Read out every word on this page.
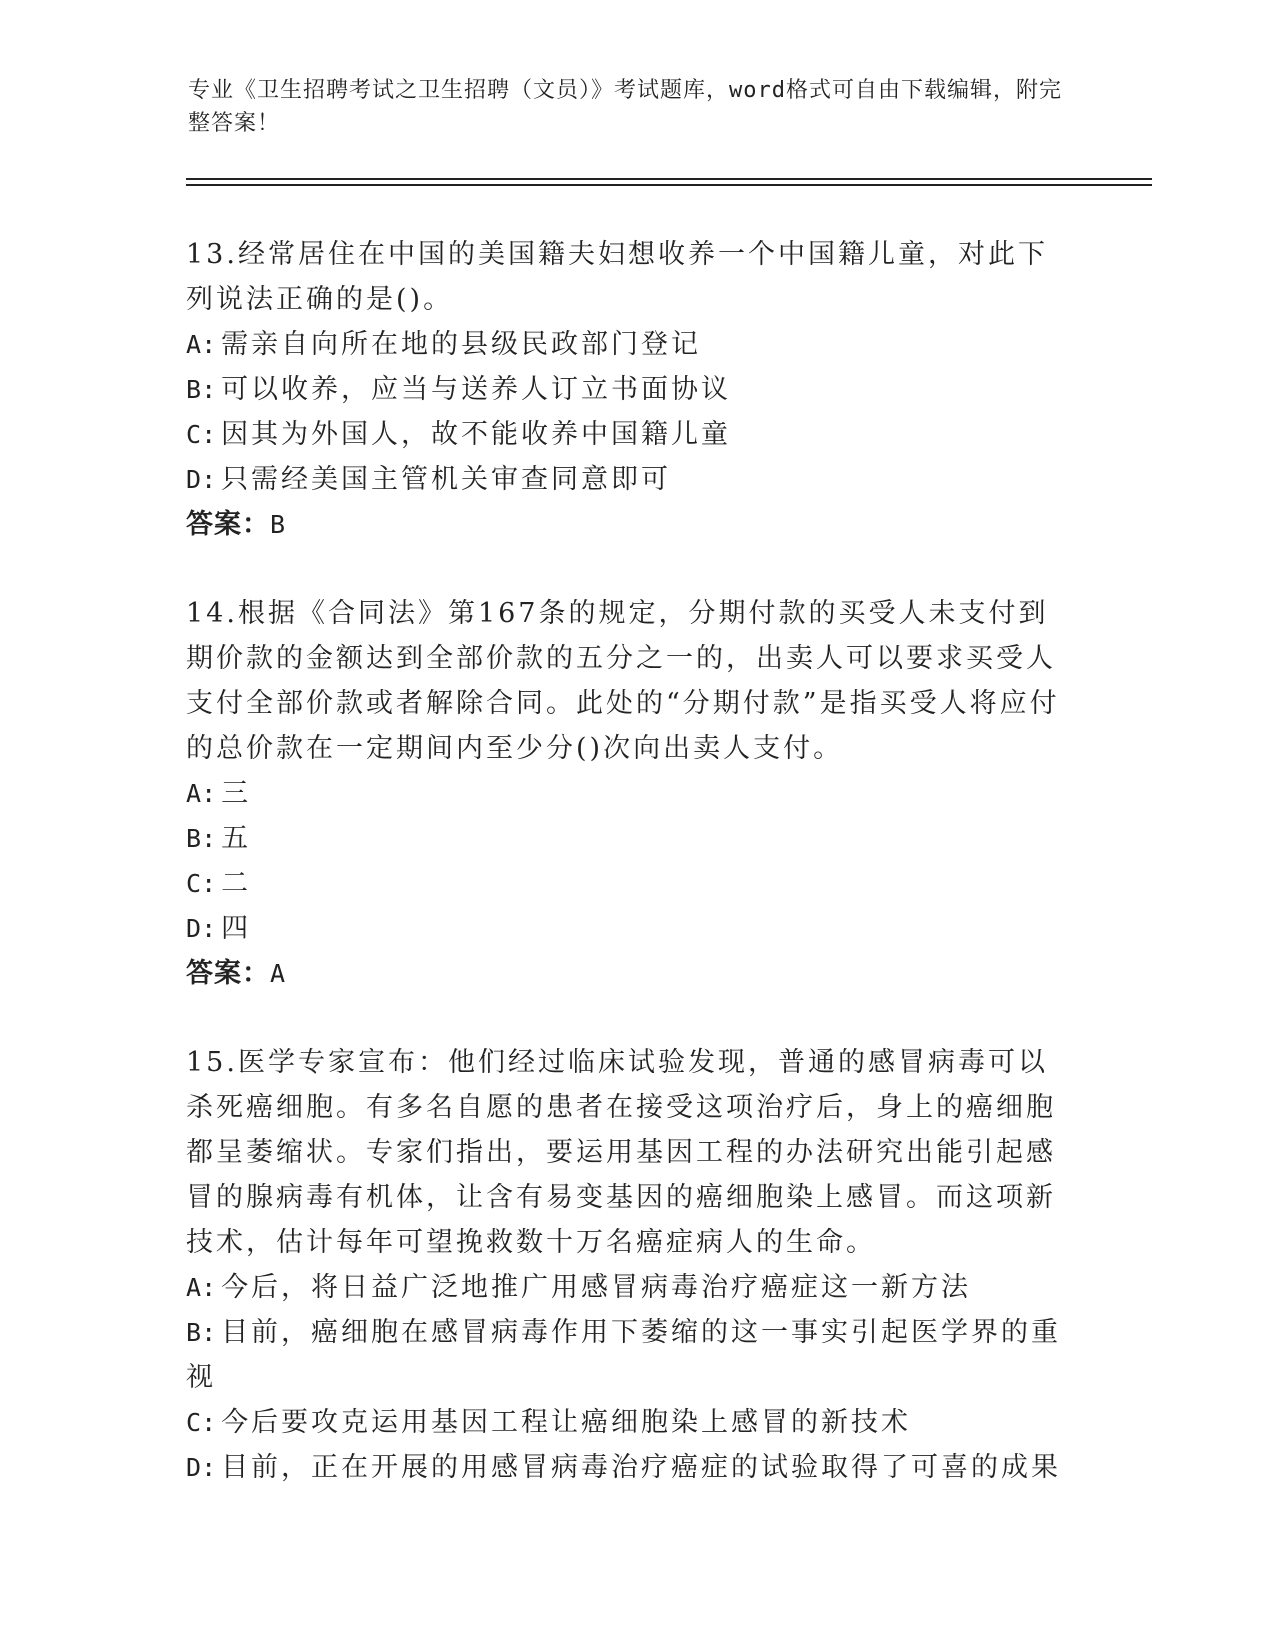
专业《卫生招聘考试之卫生招聘（文员）》考试题库，word格式可自由下载编辑，附完整答案！
13.经常居住在中国的美国籍夫妇想收养一个中国籍儿童，对此下列说法正确的是()。
A: 需亲自向所在地的县级民政部门登记
B: 可以收养，应当与送养人订立书面协议
C: 因其为外国人，故不能收养中国籍儿童
D: 只需经美国主管机关审查同意即可
答案：B
14.根据《合同法》第167条的规定，分期付款的买受人未支付到期价款的金额达到全部价款的五分之一的，出卖人可以要求买受人支付全部价款或者解除合同。此处的“分期付款”是指买受人将应付的总价款在一定期间内至少分()次向出卖人支付。
A: 三
B: 五
C: 二
D: 四
答案：A
15.医学专家宣布：他们经过临床试验发现，普通的感冒病毒可以杀死癌细胞。有多名自愿的患者在接受这项治疗后，身上的癌细胞都呈萎缩状。专家们指出，要运用基因工程的办法研究出能引起感冒的腺病毒有机体，让含有易变基因的癌细胞染上感冒。而这项新技术，估计每年可望挽救数十万名癌症病人的生命。
A: 今后，将日益广泛地推广用感冒病毒治疗癌症这一新方法
B: 目前，癌细胞在感冒病毒作用下萎缩的这一事实引起医学界的重视
C: 今后要攻克运用基因工程让癌细胞染上感冒的新技术
D: 目前，正在开展的用感冒病毒治疗癌症的试验取得了可喜的成果
